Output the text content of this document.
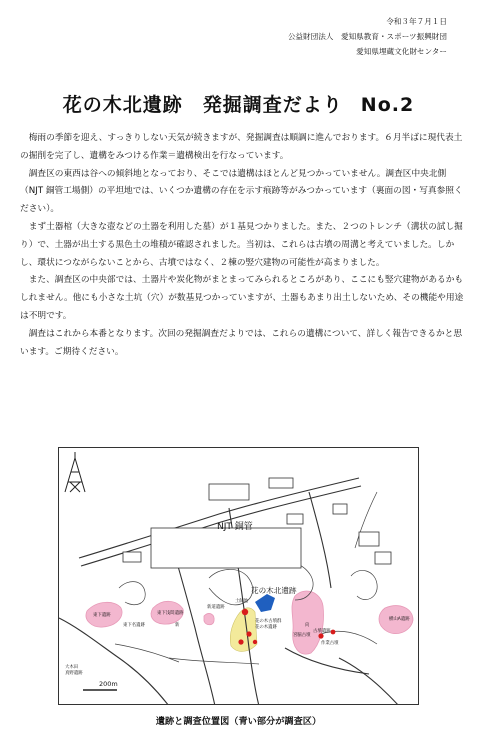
令和３年７月１日
公益財団法人　愛知県教育・スポーツ振興財団
愛知県埋蔵文化財センター
花の木北遺跡　発掘調査だより No.2

梅雨の季節を迎え、すっきりしない天気が続きますが、発掘調査は順調に進んでおります。６月半ばに現代表土の掘削を完了し、遺構をみつける作業＝遺構検出を行なっています。

調査区の東西は谷への傾斜地となっており、そこでは遺構はほとんど見つかっていません。調査区中央北側（NJT 銅管工場側）の平坦地では、いくつか遺構の存在を示す痕跡等がみつかっています（裏面の図・写真参照ください）。

まず土器棺（大きな壺などの土器を利用した墓）が１基見つかりました。また、２つのトレンチ（溝状の試し掘り）で、土器が出土する黒色土の堆積が確認されました。当初は、これらは古墳の周溝と考えていました。しかし、環状につながらないことから、古墳ではなく、２棟の竪穴建物の可能性が高まりました。

また、調査区の中央部では、土器片や炭化物がまとまってみられるところがあり、ここにも竪穴建物があるかもしれません。他にも小さな土坑（穴）が数基見つかっていますが、土器もあまり出土しないため、その機能や用途は不明です。

調査はこれから本番となります。次回の発掘調査だよりでは、これらの遺構について、詳しく報告できるかと思います。ご期待ください。

NJT 銅管
花の木北遺跡
200m
東下遺跡	東下浅間遺跡
東下名遺跡	新
新道遺跡
土師地
花の木古墳群
花の木遺跡
宮脇古墳
向
古墳遺跡
作業古墳
大木田
真野遺跡
横山A遺跡
遺跡と調査位置図（青い部分が調査区）
